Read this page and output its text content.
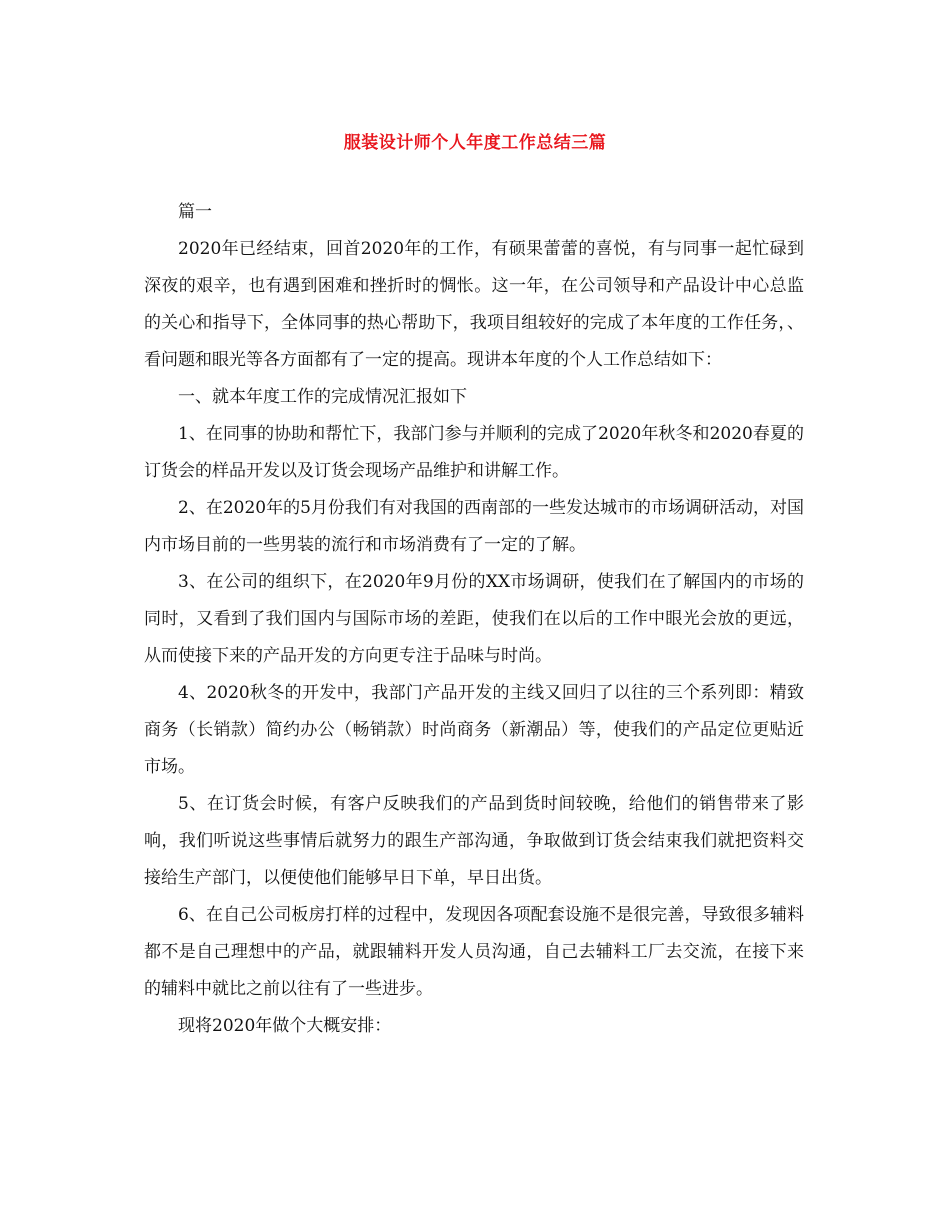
服装设计师个人年度工作总结三篇

篇一

2020年已经结束，回首2020年的工作，有硕果蕾蕾的喜悦，有与同事一起忙碌到深夜的艰辛，也有遇到困难和挫折时的惆怅。这一年，在公司领导和产品设计中心总监的关心和指导下，全体同事的热心帮助下，我项目组较好的完成了本年度的工作任务，、看问题和眼光等各方面都有了一定的提高。现讲本年度的个人工作总结如下：

一、就本年度工作的完成情况汇报如下

1、在同事的协助和帮忙下，我部门参与并顺利的完成了2020年秋冬和2020春夏的订货会的样品开发以及订货会现场产品维护和讲解工作。

2、在2020年的5月份我们有对我国的西南部的一些发达城市的市场调研活动，对国内市场目前的一些男装的流行和市场消费有了一定的了解。

3、在公司的组织下，在2020年9月份的XX市场调研，使我们在了解国内的市场的同时，又看到了我们国内与国际市场的差距，使我们在以后的工作中眼光会放的更远，从而使接下来的产品开发的方向更专注于品味与时尚。

4、2020秋冬的开发中，我部门产品开发的主线又回归了以往的三个系列即：精致商务（长销款）简约办公（畅销款）时尚商务（新潮品）等，使我们的产品定位更贴近市场。

5、在订货会时候，有客户反映我们的产品到货时间较晚，给他们的销售带来了影响，我们听说这些事情后就努力的跟生产部沟通，争取做到订货会结束我们就把资料交接给生产部门，以便使他们能够早日下单，早日出货。

6、在自己公司板房打样的过程中，发现因各项配套设施不是很完善，导致很多辅料都不是自己理想中的产品，就跟辅料开发人员沟通，自己去辅料工厂去交流，在接下来的辅料中就比之前以往有了一些进步。

现将2020年做个大概安排：
